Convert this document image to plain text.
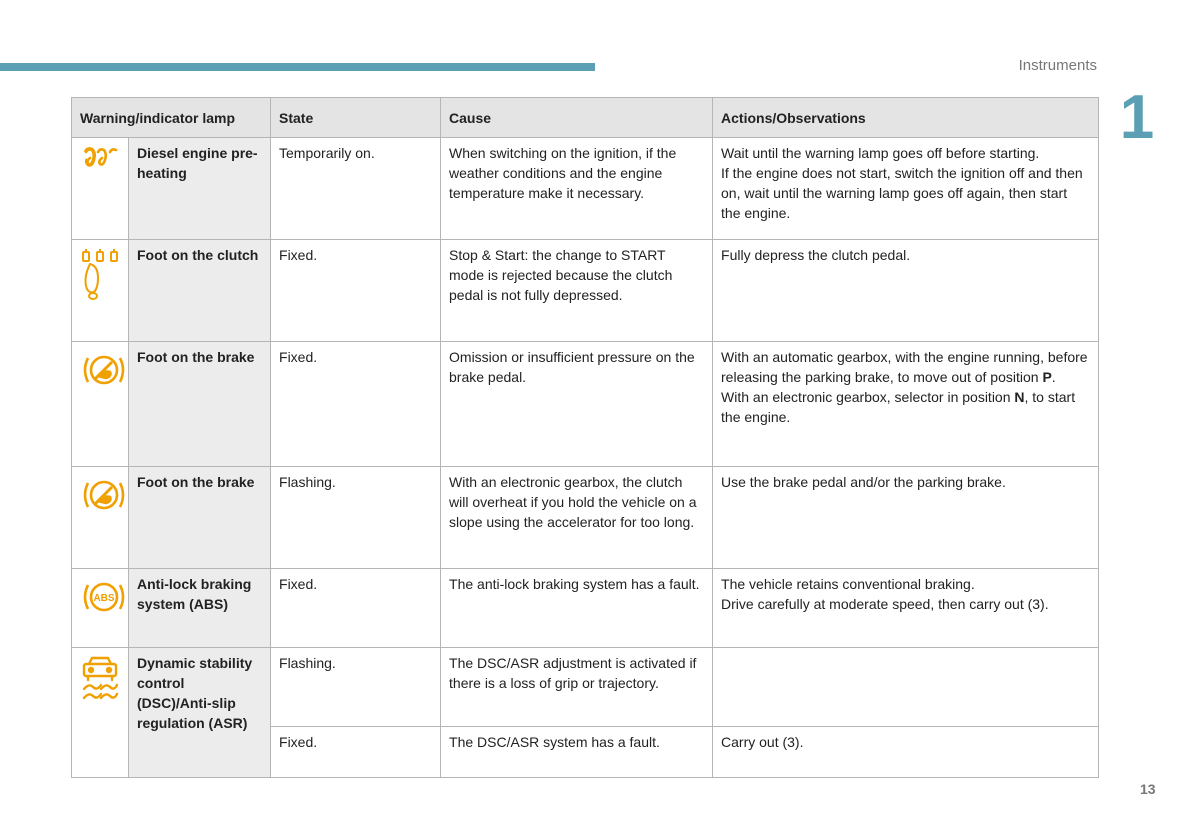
Instruments
1
Warning/indicator lamp		State	Cause	Actions/Observations

	Diesel engine pre-heating	Temporarily on.	When switching on the ignition, if the weather conditions and the engine temperature make it necessary.	Wait until the warning lamp goes off before starting.
If the engine does not start, switch the ignition off and then on, wait until the warning lamp goes off again, then start the engine.

	Foot on the clutch	Fixed.	Stop & Start: the change to START mode is rejected because the clutch pedal is not fully depressed.	Fully depress the clutch pedal.

	Foot on the brake	Fixed.	Omission or insufficient pressure on the brake pedal.	With an automatic gearbox, with the engine running, before releasing the parking brake, to move out of position P.
With an electronic gearbox, selector in position N, to start the engine.

	Foot on the brake	Flashing.	With an electronic gearbox, the clutch will overheat if you hold the vehicle on a slope using the accelerator for too long.	Use the brake pedal and/or the parking brake.

ABS	Anti-lock braking system (ABS)	Fixed.	The anti-lock braking system has a fault.	The vehicle retains conventional braking.
Drive carefully at moderate speed, then carry out (3).

	Dynamic stability control (DSC)/Anti-slip regulation (ASR)	Flashing.	The DSC/ASR adjustment is activated if there is a loss of grip or trajectory.	
		Fixed.	The DSC/ASR system has a fault.	Carry out (3).
13
